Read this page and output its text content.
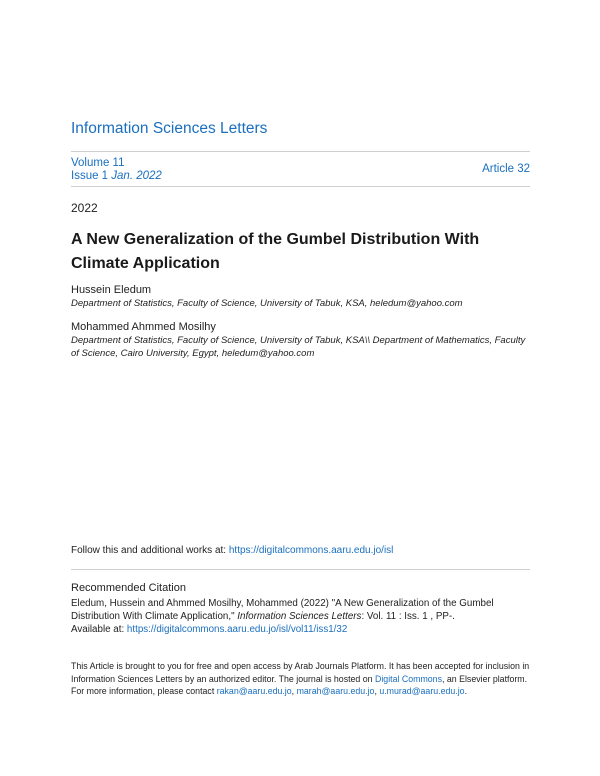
Information Sciences Letters
Volume 11
Issue 1 Jan. 2022
Article 32
2022
A New Generalization of the Gumbel Distribution With Climate Application
Hussein Eledum
Department of Statistics, Faculty of Science, University of Tabuk, KSA, heledum@yahoo.com
Mohammed Ahmmed Mosilhy
Department of Statistics, Faculty of Science, University of Tabuk, KSA\\ Department of Mathematics, Faculty of Science, Cairo University, Egypt, heledum@yahoo.com
Follow this and additional works at: https://digitalcommons.aaru.edu.jo/isl
Recommended Citation
Eledum, Hussein and Ahmmed Mosilhy, Mohammed (2022) "A New Generalization of the Gumbel Distribution With Climate Application," Information Sciences Letters: Vol. 11 : Iss. 1 , PP-.
Available at: https://digitalcommons.aaru.edu.jo/isl/vol11/iss1/32
This Article is brought to you for free and open access by Arab Journals Platform. It has been accepted for inclusion in Information Sciences Letters by an authorized editor. The journal is hosted on Digital Commons, an Elsevier platform. For more information, please contact rakan@aaru.edu.jo, marah@aaru.edu.jo, u.murad@aaru.edu.jo.
